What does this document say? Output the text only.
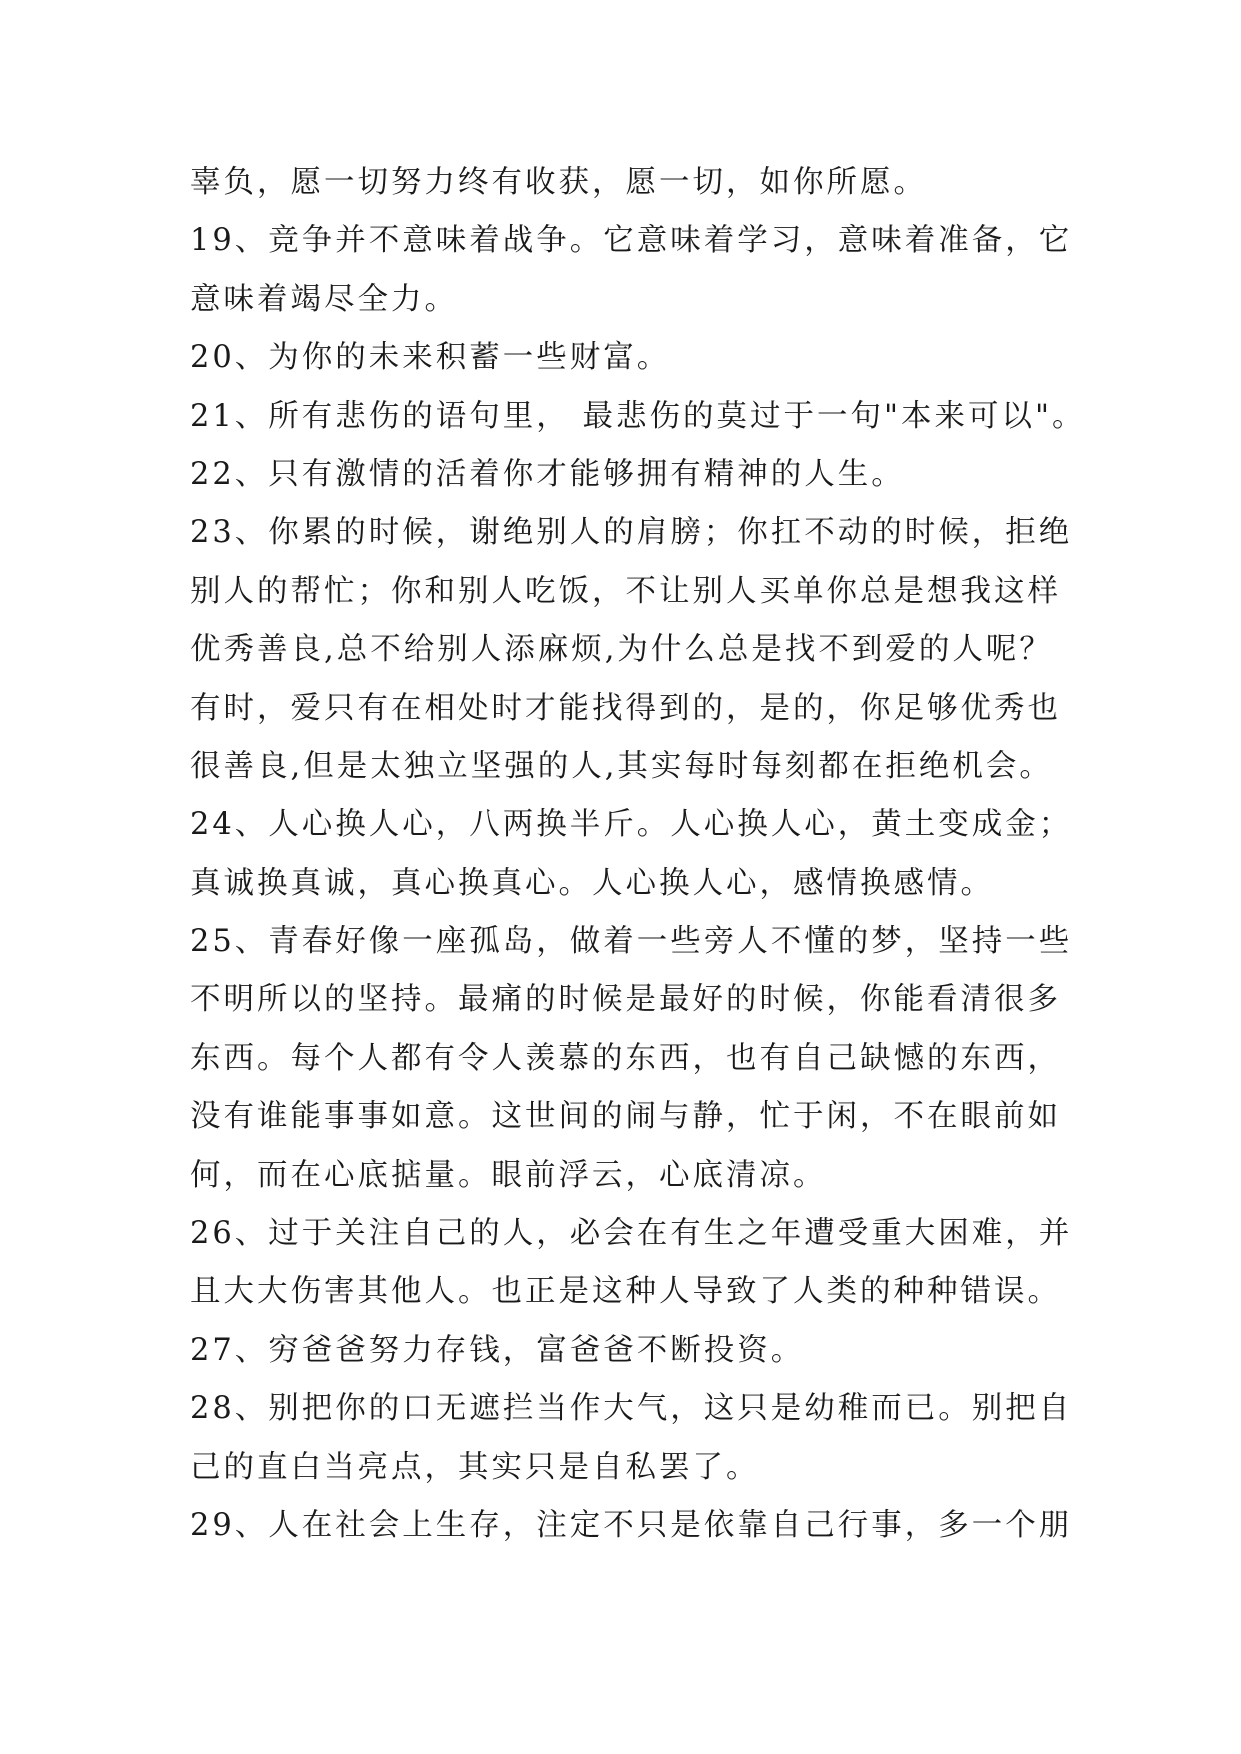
辜负，愿一切努力终有收获，愿一切，如你所愿。
19、竞争并不意味着战争。它意味着学习，意味着准备，它
意味着竭尽全力。
20、为你的未来积蓄一些财富。
21、所有悲伤的语句里， 最悲伤的莫过于一句"本来可以"。
22、只有激情的活着你才能够拥有精神的人生。
23、你累的时候，谢绝别人的肩膀；你扛不动的时候，拒绝
别人的帮忙；你和别人吃饭，不让别人买单你总是想我这样
优秀善良,总不给别人添麻烦,为什么总是找不到爱的人呢？
有时，爱只有在相处时才能找得到的，是的，你足够优秀也
很善良,但是太独立坚强的人,其实每时每刻都在拒绝机会。
24、人心换人心，八两换半斤。人心换人心，黄土变成金；
真诚换真诚，真心换真心。人心换人心，感情换感情。
25、青春好像一座孤岛，做着一些旁人不懂的梦，坚持一些
不明所以的坚持。最痛的时候是最好的时候，你能看清很多
东西。每个人都有令人羡慕的东西，也有自己缺憾的东西，
没有谁能事事如意。这世间的闹与静，忙于闲，不在眼前如
何，而在心底掂量。眼前浮云，心底清凉。
26、过于关注自己的人，必会在有生之年遭受重大困难，并
且大大伤害其他人。也正是这种人导致了人类的种种错误。
27、穷爸爸努力存钱，富爸爸不断投资。
28、别把你的口无遮拦当作大气，这只是幼稚而已。别把自
己的直白当亮点，其实只是自私罢了。
29、人在社会上生存，注定不只是依靠自己行事，多一个朋
